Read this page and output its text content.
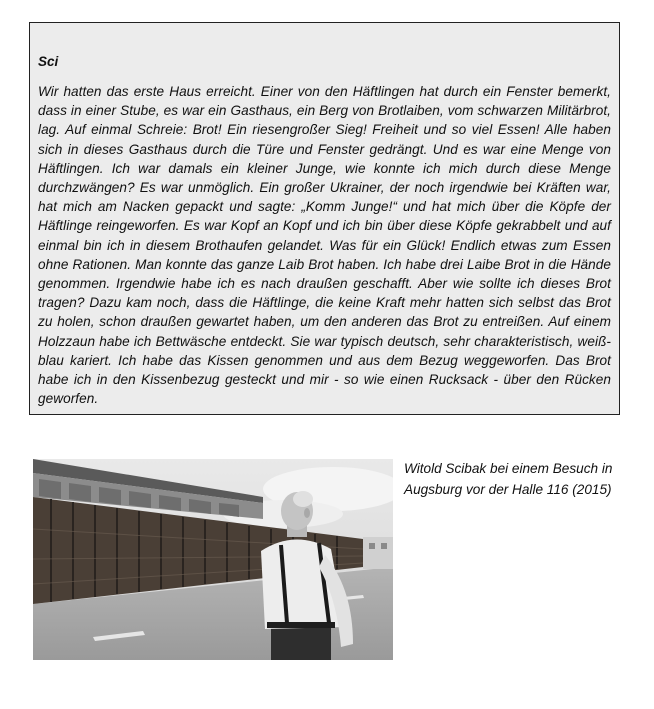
Sci

Wir hatten das erste Haus erreicht. Einer von den Häftlingen hat durch ein Fenster bemerkt, dass in einer Stube, es war ein Gasthaus, ein Berg von Brotlaiben, vom schwarzen Militärbrot, lag. Auf einmal Schreie: Brot! Ein riesengroßer Sieg! Freiheit und so viel Essen! Alle haben sich in dieses Gasthaus durch die Türe und Fenster gedrängt. Und es war eine Menge von Häftlingen. Ich war damals ein kleiner Junge, wie konnte ich mich durch diese Menge durchzwängen? Es war unmöglich. Ein großer Ukrainer, der noch irgendwie bei Kräften war, hat mich am Nacken gepackt und sagte: „Komm Junge!“ und hat mich über die Köpfe der Häftlinge reingeworfen. Es war Kopf an Kopf und ich bin über diese Köpfe gekrabbelt und auf einmal bin ich in diesem Brothaufen gelandet. Was für ein Glück! Endlich etwas zum Essen ohne Rationen. Man konnte das ganze Laib Brot haben. Ich habe drei Laibe Brot in die Hände genommen. Irgendwie habe ich es nach draußen geschafft. Aber wie sollte ich dieses Brot tragen? Dazu kam noch, dass die Häftlinge, die keine Kraft mehr hatten sich selbst das Brot zu holen, schon draußen gewartet haben, um den anderen das Brot zu entreißen. Auf einem Holzzaun habe ich Bettwäsche entdeckt. Sie war typisch deutsch, sehr charakteristisch, weiß-blau kariert. Ich habe das Kissen genommen und aus dem Bezug weggeworfen. Das Brot habe ich in den Kissenbezug gesteckt und mir - so wie einen Rucksack - über den Rücken geworfen.

Witold Scibak bei einem Besuch in Augsburg vor der Halle 116 (2015)
